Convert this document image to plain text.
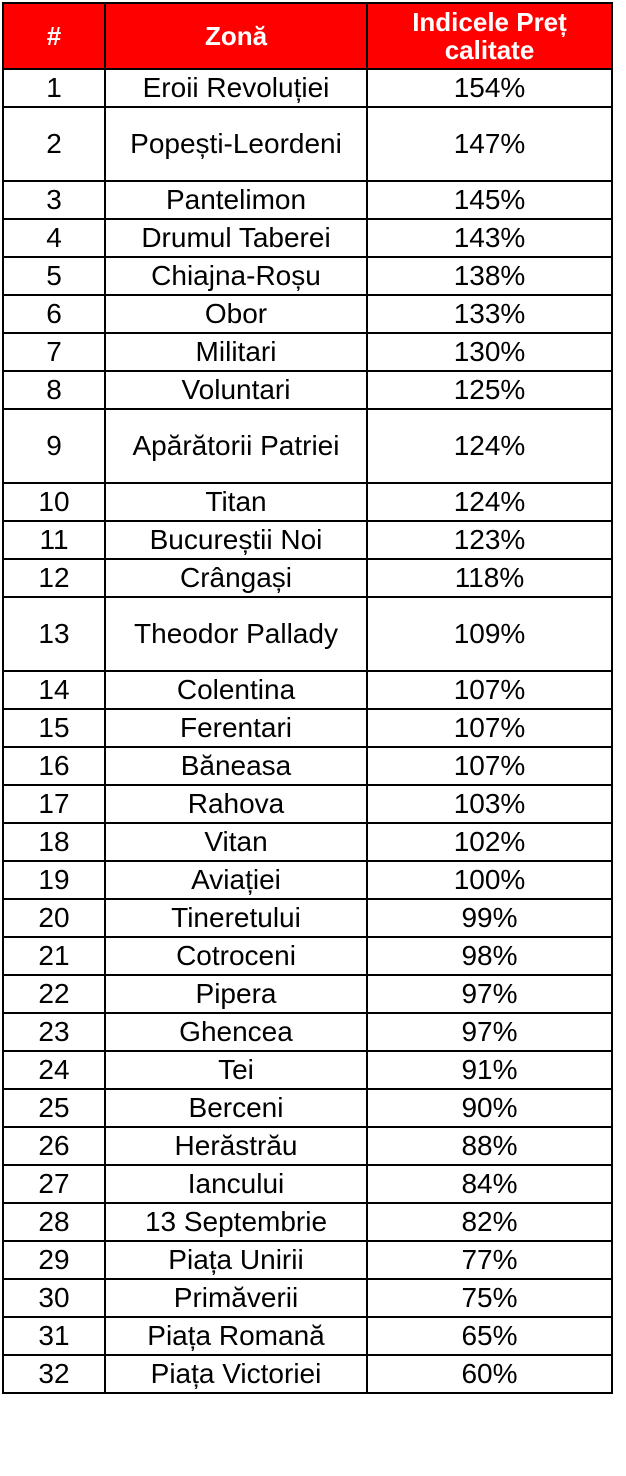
#	Zonă	Indicele Preț calitate
1	Eroii Revoluției	154%
2	Popești-Leordeni	147%
3	Pantelimon	145%
4	Drumul Taberei	143%
5	Chiajna-Roșu	138%
6	Obor	133%
7	Militari	130%
8	Voluntari	125%
9	Apărătorii Patriei	124%
10	Titan	124%
11	Bucureștii Noi	123%
12	Crângași	118%
13	Theodor Pallady	109%
14	Colentina	107%
15	Ferentari	107%
16	Băneasa	107%
17	Rahova	103%
18	Vitan	102%
19	Aviației	100%
20	Tineretului	99%
21	Cotroceni	98%
22	Pipera	97%
23	Ghencea	97%
24	Tei	91%
25	Berceni	90%
26	Herăstrău	88%
27	Iancului	84%
28	13 Septembrie	82%
29	Piața Unirii	77%
30	Primăverii	75%
31	Piața Romană	65%
32	Piața Victoriei	60%
